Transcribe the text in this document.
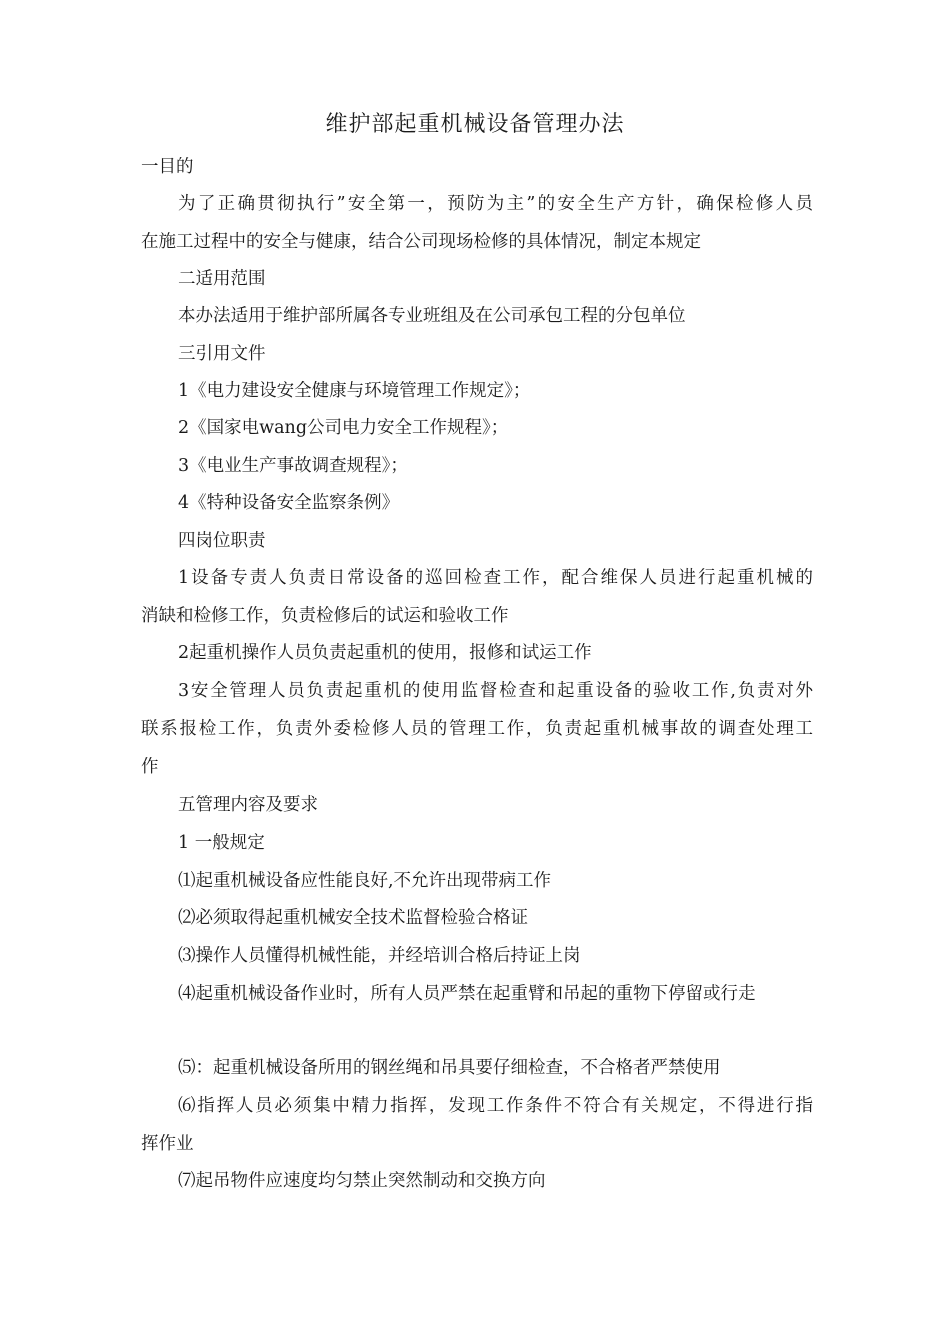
维护部起重机械设备管理办法
一目的
为了正确贯彻执行”安全第一，预防为主”的安全生产方针，确保检修人员
在施工过程中的安全与健康，结合公司现场检修的具体情况，制定本规定
二适用范围
本办法适用于维护部所属各专业班组及在公司承包工程的分包单位
三引用文件
1《电力建设安全健康与环境管理工作规定》；
2《国家电wang公司电力安全工作规程》；
3《电业生产事故调查规程》；
4《特种设备安全监察条例》
四岗位职责
1设备专责人负责日常设备的巡回检查工作，配合维保人员进行起重机械的
消缺和检修工作，负责检修后的试运和验收工作
2起重机操作人员负责起重机的使用，报修和试运工作
3安全管理人员负责起重机的使用监督检查和起重设备的验收工作,负责对外
联系报检工作，负责外委检修人员的管理工作，负责起重机械事故的调查处理工
作
五管理内容及要求
1 一般规定
⑴起重机械设备应性能良好,不允许出现带病工作
⑵必须取得起重机械安全技术监督检验合格证
⑶操作人员懂得机械性能，并经培训合格后持证上岗
⑷起重机械设备作业时，所有人员严禁在起重臂和吊起的重物下停留或行走
⑸：起重机械设备所用的钢丝绳和吊具要仔细检查，不合格者严禁使用
⑹指挥人员必须集中精力指挥，发现工作条件不符合有关规定，不得进行指
挥作业
⑺起吊物件应速度均匀禁止突然制动和交换方向
